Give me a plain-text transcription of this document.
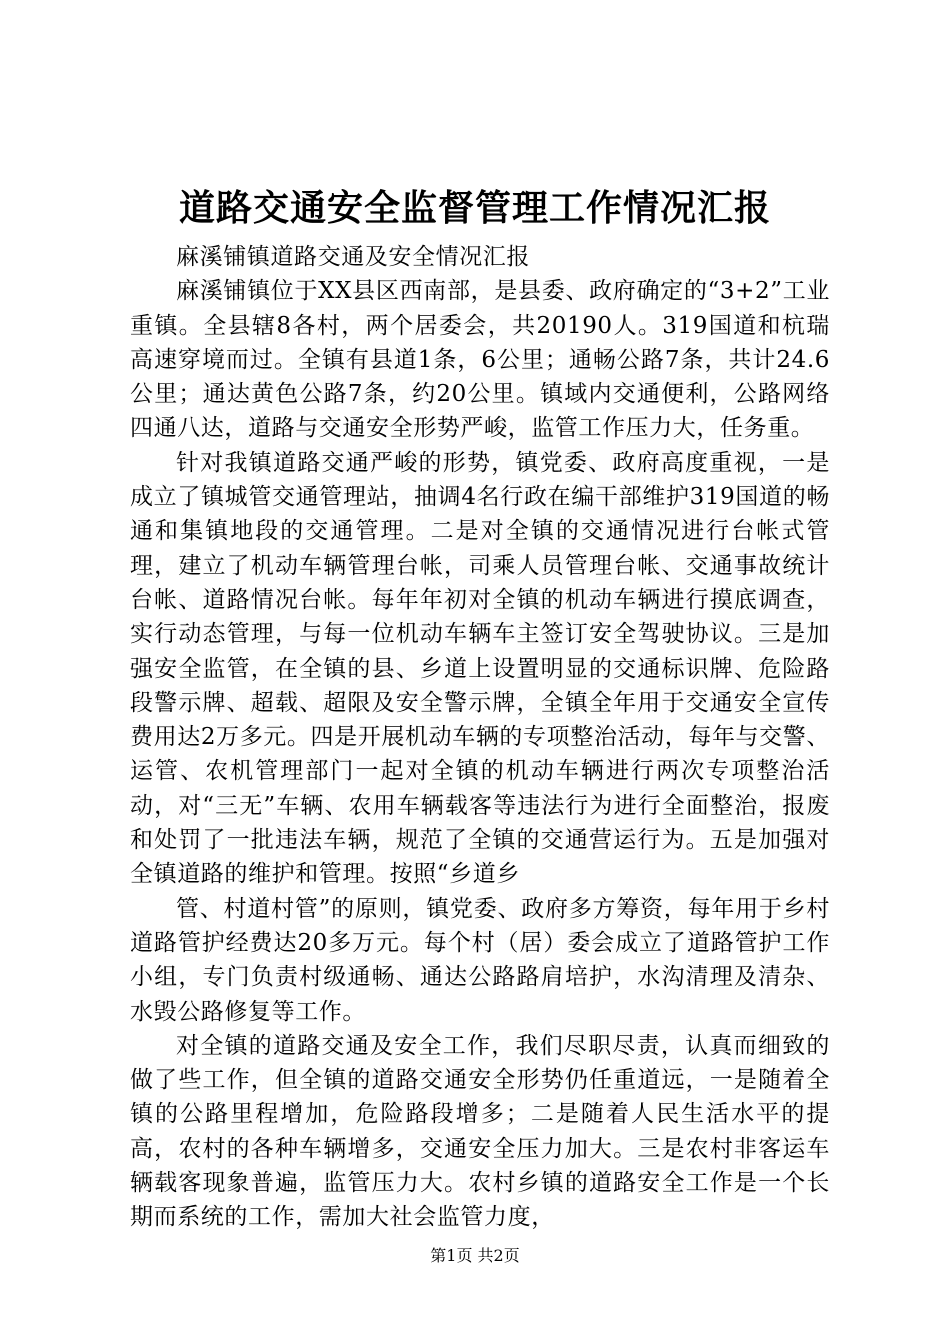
道路交通安全监督管理工作情况汇报

麻溪铺镇道路交通及安全情况汇报

麻溪铺镇位于XX县区西南部，是县委、政府确定的“3+2”工业重镇。全县辖8各村，两个居委会，共20190人。319国道和杭瑞高速穿境而过。全镇有县道1条，6公里；通畅公路7条，共计24.6公里；通达黄色公路7条，约20公里。镇域内交通便利，公路网络四通八达，道路与交通安全形势严峻，监管工作压力大，任务重。

针对我镇道路交通严峻的形势，镇党委、政府高度重视，一是成立了镇城管交通管理站，抽调4名行政在编干部维护319国道的畅通和集镇地段的交通管理。二是对全镇的交通情况进行台帐式管理，建立了机动车辆管理台帐，司乘人员管理台帐、交通事故统计台帐、道路情况台帐。每年年初对全镇的机动车辆进行摸底调查，实行动态管理，与每一位机动车辆车主签订安全驾驶协议。三是加强安全监管，在全镇的县、乡道上设置明显的交通标识牌、危险路段警示牌、超载、超限及安全警示牌，全镇全年用于交通安全宣传费用达2万多元。四是开展机动车辆的专项整治活动，每年与交警、运管、农机管理部门一起对全镇的机动车辆进行两次专项整治活动，对“三无”车辆、农用车辆载客等违法行为进行全面整治，报废和处罚了一批违法车辆，规范了全镇的交通营运行为。五是加强对全镇道路的维护和管理。按照“乡道乡

管、村道村管”的原则，镇党委、政府多方筹资，每年用于乡村道路管护经费达20多万元。每个村（居）委会成立了道路管护工作小组，专门负责村级通畅、通达公路路肩培护，水沟清理及清杂、水毁公路修复等工作。

对全镇的道路交通及安全工作，我们尽职尽责，认真而细致的做了些工作，但全镇的道路交通安全形势仍任重道远，一是随着全镇的公路里程增加，危险路段增多；二是随着人民生活水平的提高，农村的各种车辆增多，交通安全压力加大。三是农村非客运车辆载客现象普遍，监管压力大。农村乡镇的道路安全工作是一个长期而系统的工作，需加大社会监管力度，

第1页 共2页
